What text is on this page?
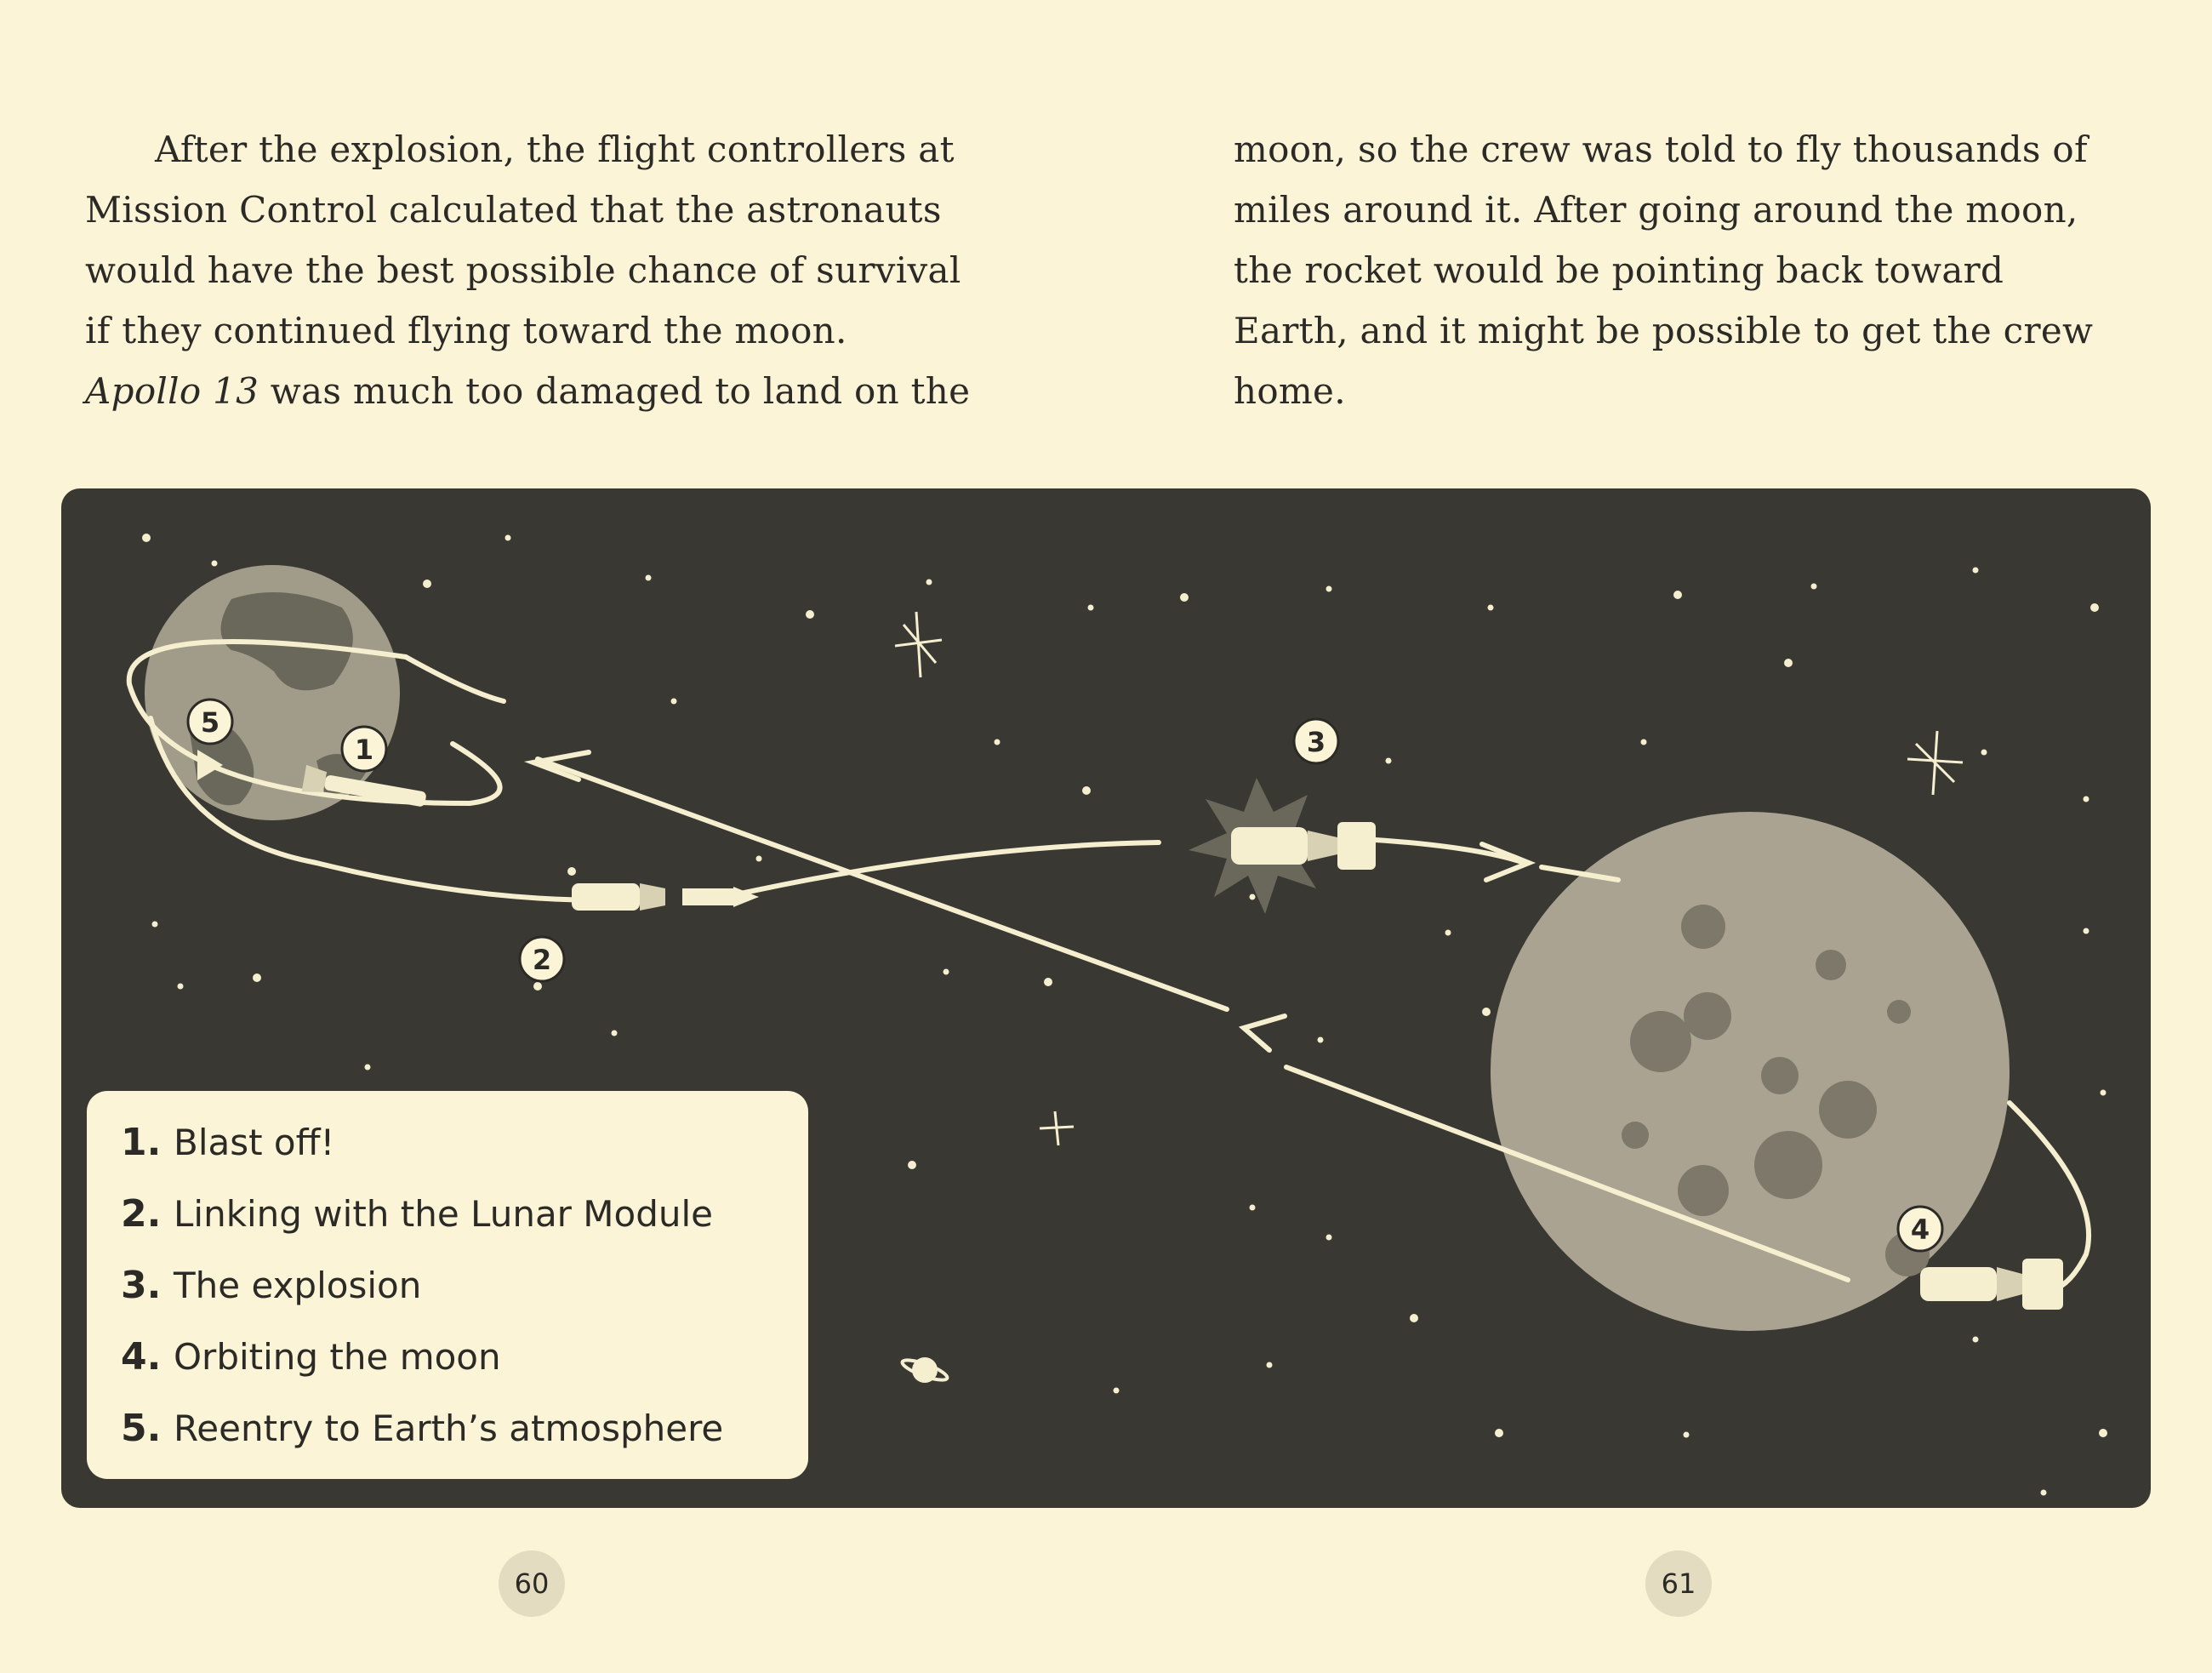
After the explosion, the flight controllers at
Mission Control calculated that the astronauts
would have the best possible chance of survival
if they continued flying toward the moon.
Apollo 13 was much too damaged to land on the

moon, so the crew was told to fly thousands of
miles around it. After going around the moon,
the rocket would be pointing back toward
Earth, and it might be possible to get the crew
home.

1
2
3
4
5
1. Blast off!
2. Linking with the Lunar Module
3. The explosion
4. Orbiting the moon
5. Reentry to Earth’s atmosphere
60	61
